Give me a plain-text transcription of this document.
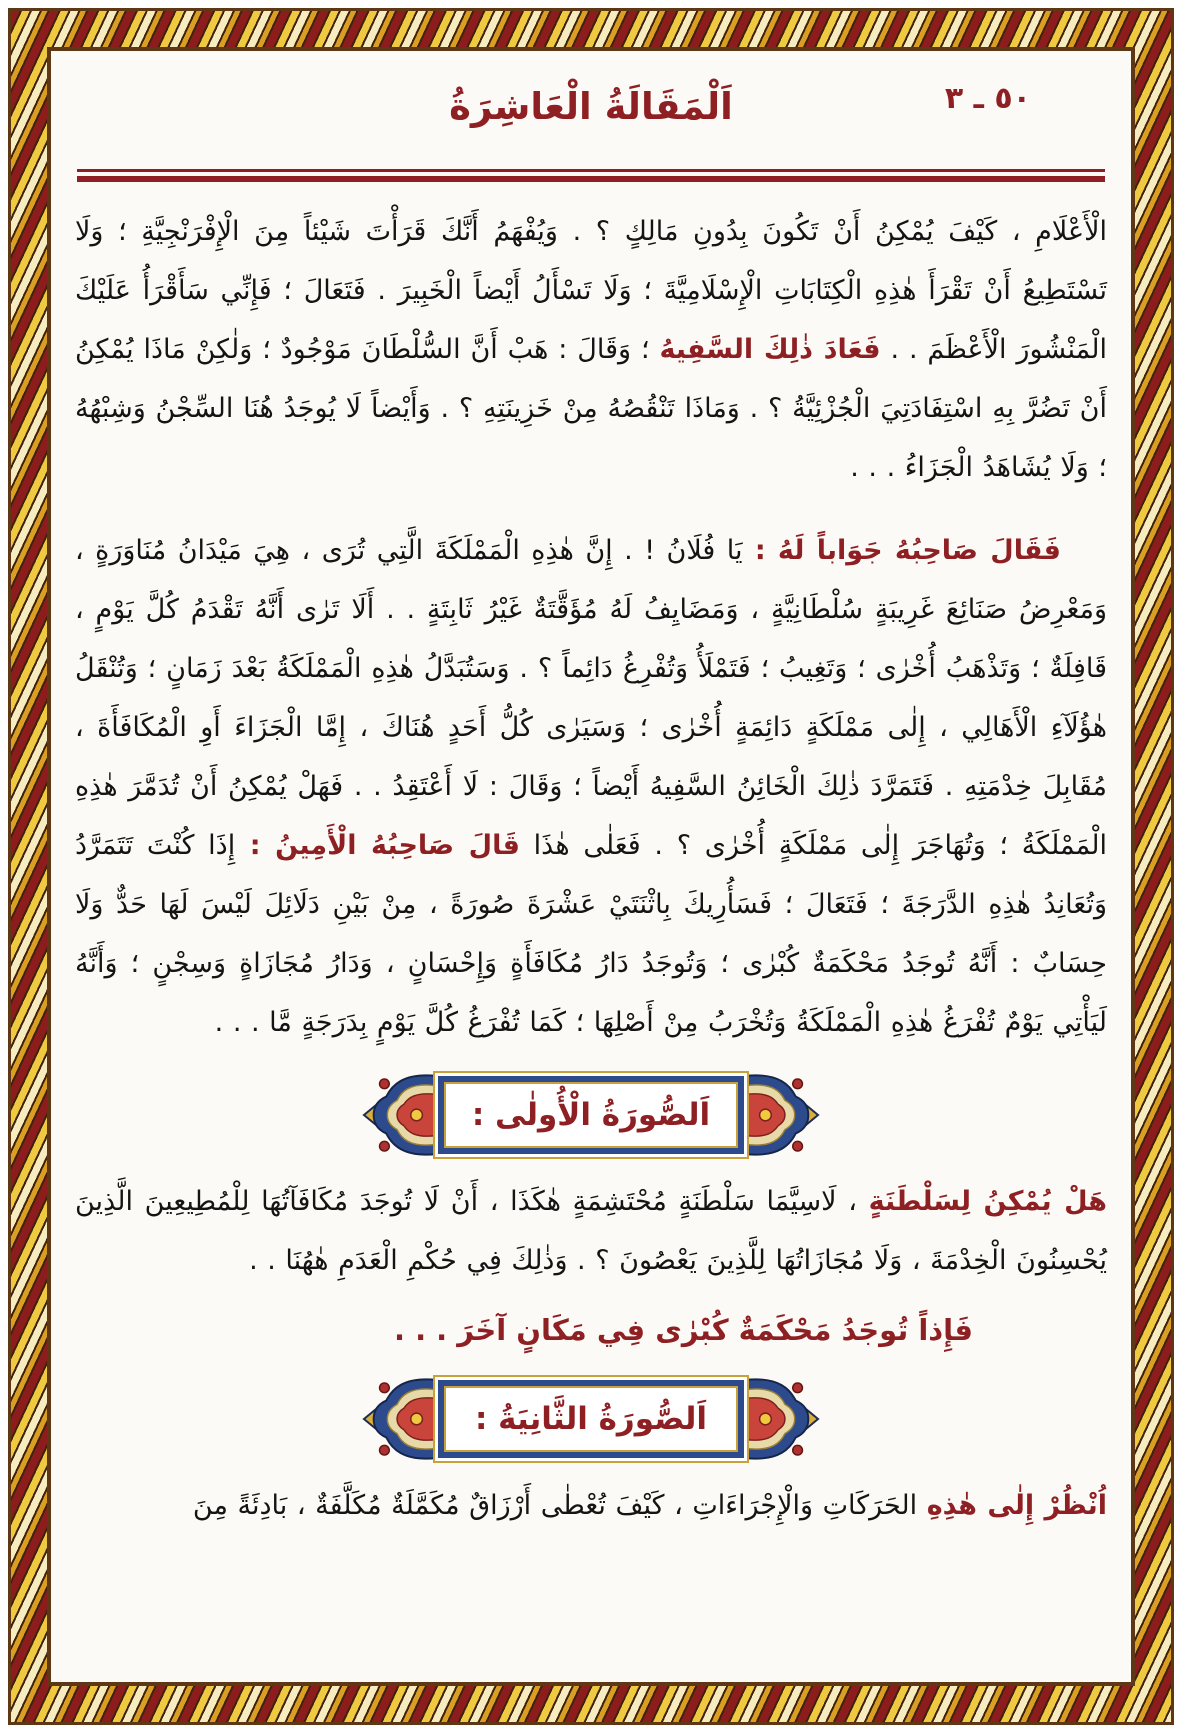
٥٠ ـ ٣
اَلْمَقَالَةُ الْعَاشِرَةُ

الْأَعْلَامِ ، كَيْفَ يُمْكِنُ أَنْ تَكُونَ بِدُونِ مَالِكٍ ؟ . وَيُفْهَمُ أَنَّكَ قَرَأْتَ شَيْئاً مِنَ الْإِفْرَنْجِيَّةِ ؛ وَلَا تَسْتَطِيعُ أَنْ تَقْرَأَ هٰذِهِ الْكِتَابَاتِ الْإِسْلَامِيَّةَ ؛ وَلَا تَسْأَلُ أَيْضاً الْخَبِيرَ . فَتَعَالَ ؛ فَإِنِّي سَأَقْرَأُ عَلَيْكَ الْمَنْشُورَ الْأَعْظَمَ . . فَعَادَ ذٰلِكَ السَّفِيهُ ؛ وَقَالَ : هَبْ أَنَّ السُّلْطَانَ مَوْجُودٌ ؛ وَلٰكِنْ مَاذَا يُمْكِنُ أَنْ تَضُرَّ بِهِ اسْتِفَادَتِيَ الْجُزْئِيَّةُ ؟ . وَمَاذَا تَنْقُصُهُ مِنْ خَزِينَتِهِ ؟ . وَأَيْضاً لَا يُوجَدُ هُنَا السِّجْنُ وَشِبْهُهُ ؛ وَلَا يُشَاهَدُ الْجَزَاءُ . . .

فَقَالَ صَاحِبُهُ جَوَاباً لَهُ : يَا فُلَانُ ! . إِنَّ هٰذِهِ الْمَمْلَكَةَ الَّتِي تُرَى ، هِيَ مَيْدَانُ مُنَاوَرَةٍ ، وَمَعْرِضُ صَنَائِعَ غَرِيبَةٍ سُلْطَانِيَّةٍ ، وَمَضَايِفُ لَهُ مُؤَقَّتَةٌ غَيْرُ ثَابِتَةٍ . . أَلَا تَرٰى أَنَّهُ تَقْدَمُ كُلَّ يَوْمٍ ، قَافِلَةٌ ؛ وَتَذْهَبُ أُخْرٰى ؛ وَتَغِيبُ ؛ فَتَمْلَأُ وَتُفْرِغُ دَائِماً ؟ . وَسَتُبَدَّلُ هٰذِهِ الْمَمْلَكَةُ بَعْدَ زَمَانٍ ؛ وَتُنْقَلُ هٰؤُلَآءِ الْأَهَالِي ، إِلٰى مَمْلَكَةٍ دَائِمَةٍ أُخْرٰى ؛ وَسَيَرٰى كُلُّ أَحَدٍ هُنَاكَ ، إِمَّا الْجَزَاءَ أَوِ الْمُكَافَأَةَ ، مُقَابِلَ خِدْمَتِهِ . فَتَمَرَّدَ ذٰلِكَ الْخَائِنُ السَّفِيهُ أَيْضاً ؛ وَقَالَ : لَا أَعْتَقِدُ . . فَهَلْ يُمْكِنُ أَنْ تُدَمَّرَ هٰذِهِ الْمَمْلَكَةُ ؛ وَتُهَاجَرَ إِلٰى مَمْلَكَةٍ أُخْرٰى ؟ . فَعَلٰى هٰذَا قَالَ صَاحِبُهُ الْأَمِينُ : إِذَا كُنْتَ تَتَمَرَّدُ وَتُعَانِدُ هٰذِهِ الدَّرَجَةَ ؛ فَتَعَالَ ؛ فَسَأُرِيكَ بِاثْنَتَيْ عَشْرَةَ صُورَةً ، مِنْ بَيْنِ دَلَائِلَ لَيْسَ لَهَا حَدٌّ وَلَا حِسَابٌ : أَنَّهُ تُوجَدُ مَحْكَمَةٌ كُبْرٰى ؛ وَتُوجَدُ دَارُ مُكَافَأَةٍ وَإِحْسَانٍ ، وَدَارُ مُجَازَاةٍ وَسِجْنٍ ؛ وَأَنَّهُ لَيَأْتِي يَوْمٌ تُفْرَغُ هٰذِهِ الْمَمْلَكَةُ وَتُخْرَبُ مِنْ أَصْلِهَا ؛ كَمَا تُفْرَغُ كُلَّ يَوْمٍ بِدَرَجَةٍ مَّا . . .

اَلصُّورَةُ الْأُولٰى :

هَلْ يُمْكِنُ لِسَلْطَنَةٍ ، لَاسِيَّمَا سَلْطَنَةٍ مُحْتَشِمَةٍ هٰكَذَا ، أَنْ لَا تُوجَدَ مُكَافَآتُهَا لِلْمُطِيعِينَ الَّذِينَ يُحْسِنُونَ الْخِدْمَةَ ، وَلَا مُجَازَاتُهَا لِلَّذِينَ يَعْصُونَ ؟ . وَذٰلِكَ فِي حُكْمِ الْعَدَمِ هٰهُنَا . .

فَإِذاً تُوجَدُ مَحْكَمَةٌ كُبْرٰى فِي مَكَانٍ آخَرَ . . .

اَلصُّورَةُ الثَّانِيَةُ :

اُنْظُرْ إِلٰى هٰذِهِ الحَرَكَاتِ وَالْإِجْرَاءَاتِ ، كَيْفَ تُعْطٰى أَرْزَاقٌ مُكَمَّلَةٌ مُكَلَّفَةٌ ، بَادِئَةً مِنَ
